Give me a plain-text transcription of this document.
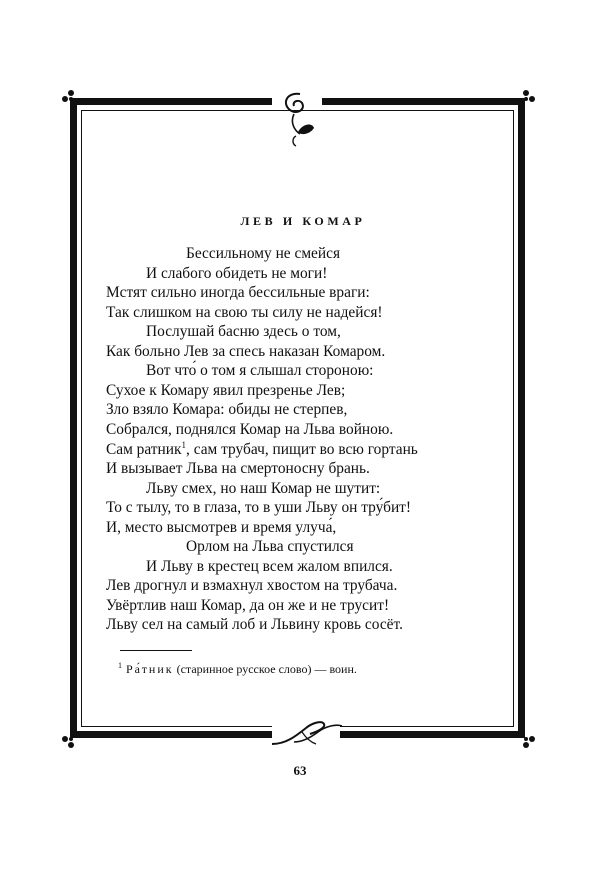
ЛЕВ И КОМАР
Бессильному не смейся
И слабого обидеть не моги!
Мстят сильно иногда бессильные враги:
Так слишком на свою ты силу не надейся!
Послушай басню здесь о том,
Как больно Лев за спесь наказан Комаром.
Вот что́ о том я слышал стороною:
Сухое к Комару явил презренье Лев;
Зло взяло Комара: обиды не стерпев,
Собрался, поднялся Комар на Льва войною.
Сам ратник$^1$, сам трубач, пищит во всю гортань
И вызывает Льва на смертоносну брань.
Льву смех, но наш Комар не шутит:
То с тылу, то в глаза, то в уши Льву он тру́бит!
И, место высмотрев и время улуча́,
Орлом на Льва спустился
И Льву в крестец всем жалом впился.
Лев дрогнул и взмахнул хвостом на трубача.
Увёртлив наш Комар, да он же и не трусит!
Льву сел на самый лоб и Львину кровь сосёт.
$^1$ Ра́тник (старинное русское слово) — воин.
63
